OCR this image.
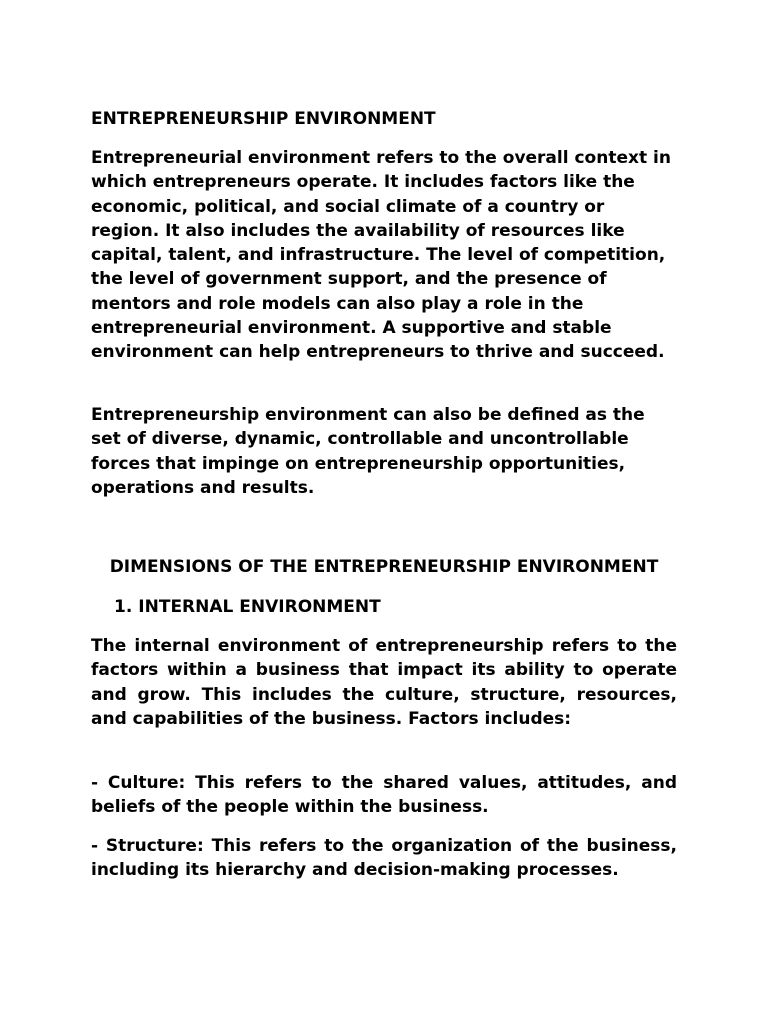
ENTREPRENEURSHIP ENVIRONMENT

Entrepreneurial environment refers to the overall context in which entrepreneurs operate. It includes factors like the economic, political, and social climate of a country or region. It also includes the availability of resources like capital, talent, and infrastructure. The level of competition, the level of government support, and the presence of mentors and role models can also play a role in the entrepreneurial environment. A supportive and stable environment can help entrepreneurs to thrive and succeed.

Entrepreneurship environment can also be defined as the set of diverse, dynamic, controllable and uncontrollable forces that impinge on entrepreneurship opportunities, operations and results.

DIMENSIONS OF THE ENTREPRENEURSHIP ENVIRONMENT

1. INTERNAL ENVIRONMENT

The internal environment of entrepreneurship refers to the factors within a business that impact its ability to operate and grow. This includes the culture, structure, resources, and capabilities of the business. Factors includes:

- Culture: This refers to the shared values, attitudes, and beliefs of the people within the business.

- Structure: This refers to the organization of the business, including its hierarchy and decision-making processes.
